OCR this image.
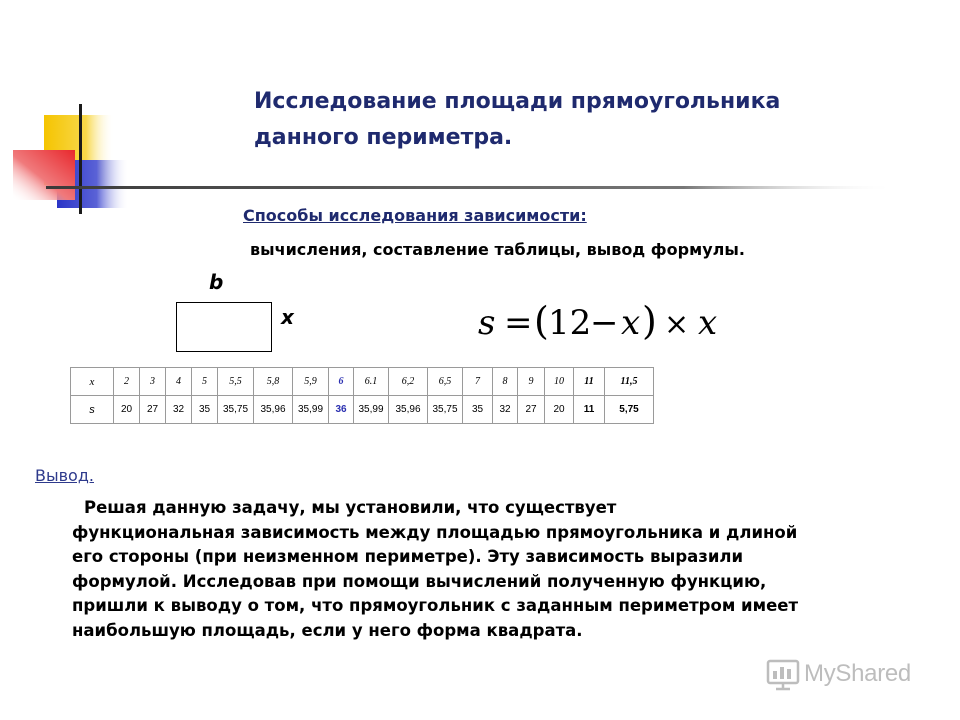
Исследование площади прямоугольника
данного периметра.
Способы исследования зависимости:
вычисления, составление таблицы, вывод формулы.
b
x	s = ( 12
− x ) × x
x	2	3	4	5	5,5	5,8	5,9	6	6.1	6,2	6,5	7	8	9	10	11	11,5
s	20	27	32	35	35,75	35,96	35,99	36	35,99	35,96	35,75	35	32	27	20	11	5,75
Вывод.
Решая данную задачу, мы установили, что существует
функциональная зависимость между площадью прямоугольника и длиной
его стороны (при неизменном периметре). Эту зависимость выразили
формулой. Исследовав при помощи вычислений полученную функцию,
пришли к выводу о том, что прямоугольник с заданным периметром имеет
наибольшую площадь, если у него форма квадрата.
MyShared
